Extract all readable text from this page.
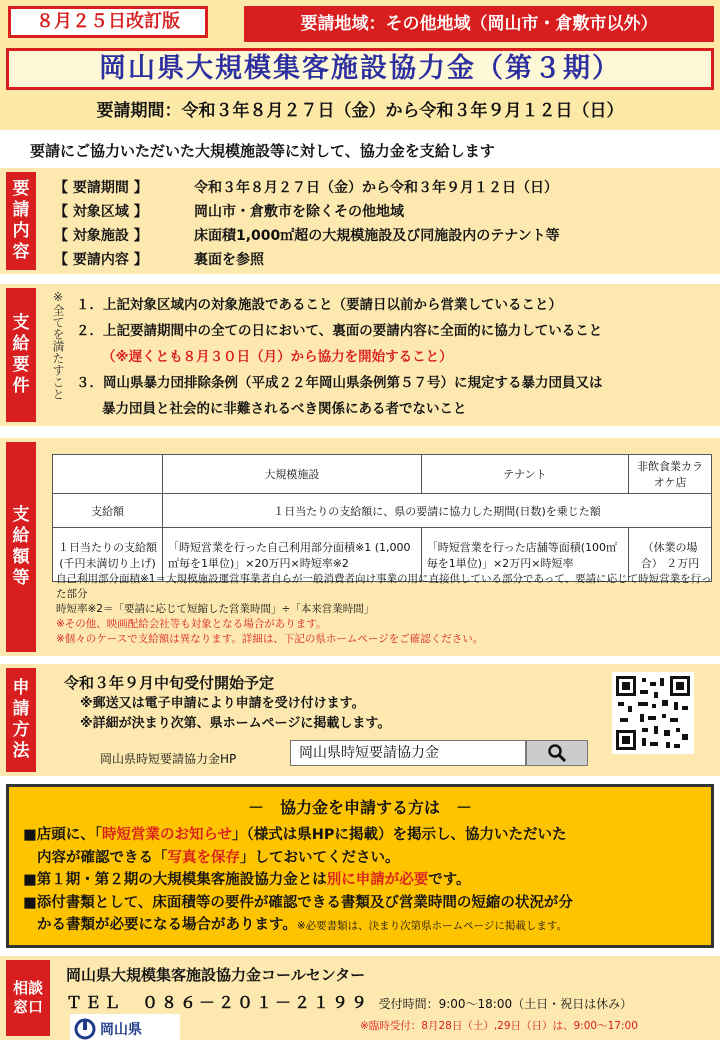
８月２５日改訂版	要請地域：その他地域（岡山市・倉敷市以外）
岡山県大規模集客施設協力金（第３期）
要請期間：令和３年８月２７日（金）から令和３年９月１２日（日）
要請にご協力いただいた大規模施設等に対して、協力金を支給します
要
請
内
容
【 要請期間 】	令和３年８月２７日（金）から令和３年９月１２日（日）
【 対象区域 】	岡山市・倉敷市を除くその他地域
【 対象施設 】	床面積1,000㎡超の大規模施設及び同施設内のテナント等
【 要請内容 】	裏面を参照
支
給
要
件	※全てを満たすこと １．上記対象区域内の対象施設であること（要請日以前から営業していること）
２．上記要請期間中の全ての日において、裏面の要請内容に全面的に協力していること
（※遅くとも８月３０日（月）から協力を開始すること）
３．岡山県暴力団排除条例（平成２２年岡山県条例第５７号）に規定する暴力団員又は
暴力団員と社会的に非難されるべき関係にある者でないこと
支
給
額
等
	大規模施設	テナント	非飲食業カラオケ店
支給額	１日当たりの支給額に、県の要請に協力した期間(日数)を乗じた額		
１日当たりの支給額
(千円未満切り上げ)	「時短営業を行った自己利用部分面積※1 (1,000㎡毎を1単位)」×20万円×時短率※2	「時短営業を行った店舗等面積(100㎡毎を1単位)」×2万円×時短率	（休業の場合） ２万円
自己利用部分面積※1＝大規模施設運営事業者自らが一般消費者向け事業の用に直接供している部分であって、要請に応じて時短営業を行った部分
時短率※2＝「要請に応じて短縮した営業時間」÷「本来営業時間」
※その他、映画配給会社等も対象となる場合があります。
※個々のケースで支給額は異なります。詳細は、下記の県ホームページをご確認ください。
申
請
方
法
令和３年９月中旬受付開始予定
※郵送又は電子申請により申請を受け付けます。
※詳細が決まり次第、県ホームページに掲載します。
岡山県時短要請協力金HP	岡山県時短要請協力金
－　協力金を申請する方は　－
■店頭に、「時短営業のお知らせ」（様式は県HPに掲載）を掲示し、協力いただいた
内容が確認できる「写真を保存」しておいてください。
■第１期・第２期の大規模集客施設協力金とは別に申請が必要です。
■添付書類として、床面積等の要件が確認できる書類及び営業時間の短縮の状況が分
かる書類が必要になる場合があります。※必要書類は、決まり次第県ホームページに掲載します。
相談
窓口
岡山県大規模集客施設協力金コールセンター
ＴＥＬ　０８６－２０１－２１９９ 受付時間：9:00～18:00（土日・祝日は休み）
岡山県	※臨時受付：8月28日（土）,29日（日）は、9:00～17:00
